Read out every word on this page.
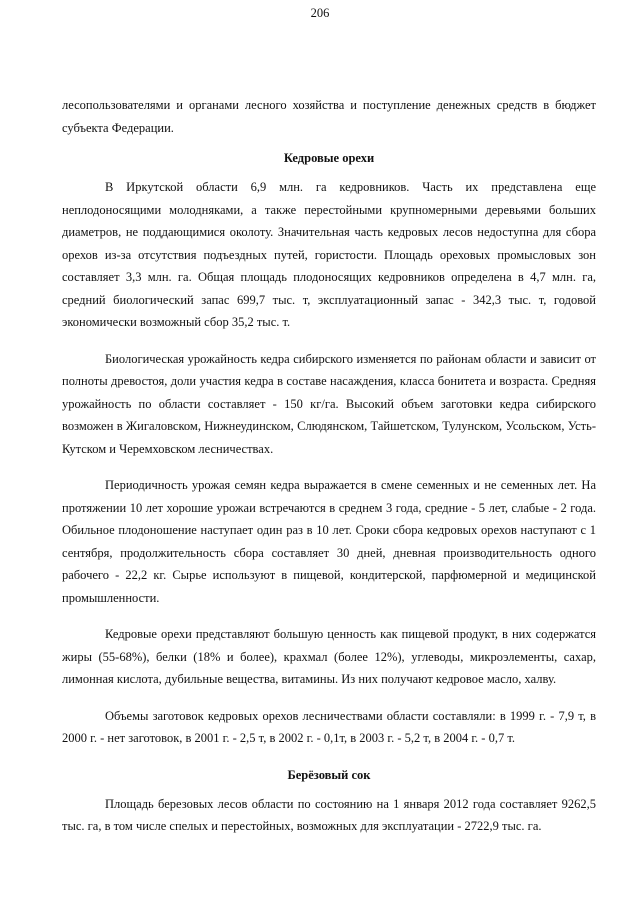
206

лесопользователями и органами лесного хозяйства и поступление денежных средств в бюджет субъекта Федерации.

Кедровые орехи

В Иркутской области 6,9 млн. га кедровников. Часть их представлена еще неплодоносящими молодняками, а также перестойными крупномерными деревьями больших диаметров, не поддающимися околоту. Значительная часть кедровых лесов недоступна для сбора орехов из-за отсутствия подъездных путей, гористости. Площадь ореховых промысловых зон составляет 3,3 млн. га. Общая площадь плодоносящих кедровников определена в 4,7 млн. га, средний биологический запас 699,7 тыс. т, эксплуатационный запас - 342,3 тыс. т, годовой экономически возможный сбор 35,2 тыс. т.

Биологическая урожайность кедра сибирского изменяется по районам области и зависит от полноты древостоя, доли участия кедра в составе насаждения, класса бонитета и возраста. Средняя урожайность по области составляет - 150 кг/га. Высокий объем заготовки кедра сибирского возможен в Жигаловском, Нижнеудинском, Слюдянском, Тайшетском, Тулунском, Усольском, Усть-Кутском и Черемховском лесничествах.

Периодичность урожая семян кедра выражается в смене семенных и не семенных лет. На протяжении 10 лет хорошие урожаи встречаются в среднем 3 года, средние - 5 лет, слабые - 2 года. Обильное плодоношение наступает один раз в 10 лет. Сроки сбора кедровых орехов наступают с 1 сентября, продолжительность сбора составляет 30 дней, дневная производительность одного рабочего - 22,2 кг. Сырье используют в пищевой, кондитерской, парфюмерной и медицинской промышленности.

Кедровые орехи представляют большую ценность как пищевой продукт, в них содержатся жиры (55-68%), белки (18% и более), крахмал (более 12%), углеводы, микроэлементы, сахар, лимонная кислота, дубильные вещества, витамины. Из них получают кедровое масло, халву.

Объемы заготовок кедровых орехов лесничествами области составляли: в 1999 г. - 7,9 т, в 2000 г. - нет заготовок, в 2001 г. - 2,5 т, в 2002 г. - 0,1т, в 2003 г. - 5,2 т, в 2004 г. - 0,7 т.

Берёзовый сок

Площадь березовых лесов области по состоянию на 1 января 2012 года составляет 9262,5 тыс. га, в том числе спелых и перестойных, возможных для эксплуатации - 2722,9 тыс. га.
